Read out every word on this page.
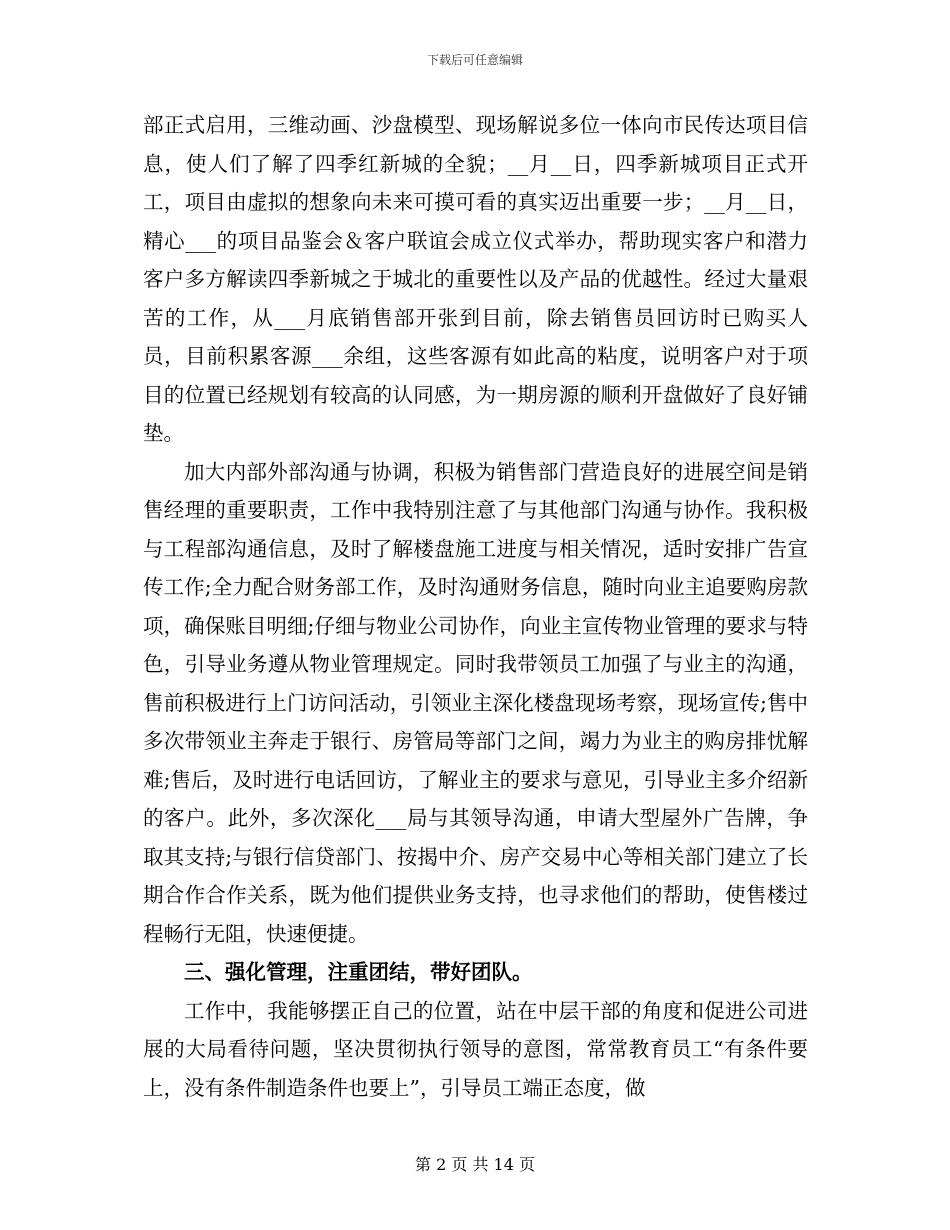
下载后可任意编辑

部正式启用，三维动画、沙盘模型、现场解说多位一体向市民传达项目信息，使人们了解了四季红新城的全貌；__月__日，四季新城项目正式开工，项目由虚拟的想象向未来可摸可看的真实迈出重要一步；__月__日，精心___的项目品鉴会＆客户联谊会成立仪式举办，帮助现实客户和潜力客户多方解读四季新城之于城北的重要性以及产品的优越性。经过大量艰苦的工作，从___月底销售部开张到目前，除去销售员回访时已购买人员，目前积累客源___余组，这些客源有如此高的粘度，说明客户对于项目的位置已经规划有较高的认同感，为一期房源的顺利开盘做好了良好铺垫。

加大内部外部沟通与协调，积极为销售部门营造良好的进展空间是销售经理的重要职责，工作中我特别注意了与其他部门沟通与协作。我积极与工程部沟通信息，及时了解楼盘施工进度与相关情况，适时安排广告宣传工作;全力配合财务部工作，及时沟通财务信息，随时向业主追要购房款项，确保账目明细;仔细与物业公司协作，向业主宣传物业管理的要求与特色，引导业务遵从物业管理规定。同时我带领员工加强了与业主的沟通，售前积极进行上门访问活动，引领业主深化楼盘现场考察，现场宣传;售中多次带领业主奔走于银行、房管局等部门之间，竭力为业主的购房排忧解难;售后，及时进行电话回访，了解业主的要求与意见，引导业主多介绍新的客户。此外，多次深化___局与其领导沟通，申请大型屋外广告牌，争取其支持;与银行信贷部门、按揭中介、房产交易中心等相关部门建立了长期合作合作关系，既为他们提供业务支持，也寻求他们的帮助，使售楼过程畅行无阻，快速便捷。

三、强化管理，注重团结，带好团队。

工作中，我能够摆正自己的位置，站在中层干部的角度和促进公司进展的大局看待问题，坚决贯彻执行领导的意图，常常教育员工“有条件要上，没有条件制造条件也要上”，引导员工端正态度，做

第 2 页 共 14 页
